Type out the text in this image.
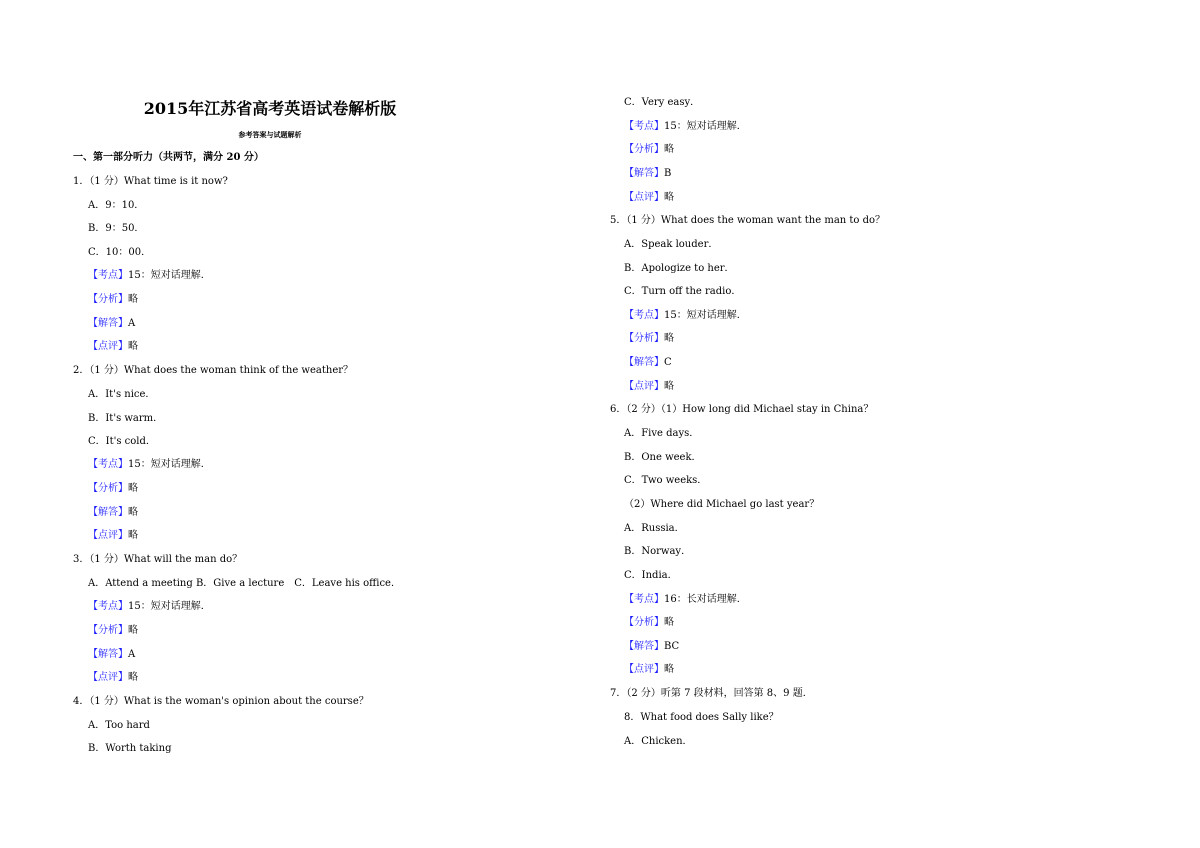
2015年江苏省高考英语试卷解析版
参考答案与试题解析
一、第一部分听力（共两节，满分 20 分）
1．（1 分）What time is it now?
A．9：10．
B．9：50．
C．10：00．
【考点】15：短对话理解．
【分析】略
【解答】A
【点评】略
2．（1 分）What does the woman think of the weather？
A．It's nice．
B．It's warm．
C．It's cold．
【考点】15：短对话理解．
【分析】略
【解答】略
【点评】略
3．（1 分）What will the man do？
A．Attend a meeting B．Give a lecture C．Leave his office．
【考点】15：短对话理解．
【分析】略
【解答】A
【点评】略
4．（1 分）What is the woman's opinion about the course？
A．Too hard
B．Worth taking
C．Very easy．
【考点】15：短对话理解．
【分析】略
【解答】B
【点评】略
5．（1 分）What does the woman want the man to do？
A．Speak louder．
B．Apologize to her．
C．Turn off the radio．
【考点】15：短对话理解．
【分析】略
【解答】C
【点评】略
6．（2 分）（1）How long did Michael stay in China？
A．Five days．
B．One week．
C．Two weeks．
（2）Where did Michael go last year？
A．Russia．
B．Norway．
C．India．
【考点】16：长对话理解．
【分析】略
【解答】BC
【点评】略
7．（2 分）听第 7 段材料，回答第 8、9 题．
8．What food does Sally like？
A．Chicken．
